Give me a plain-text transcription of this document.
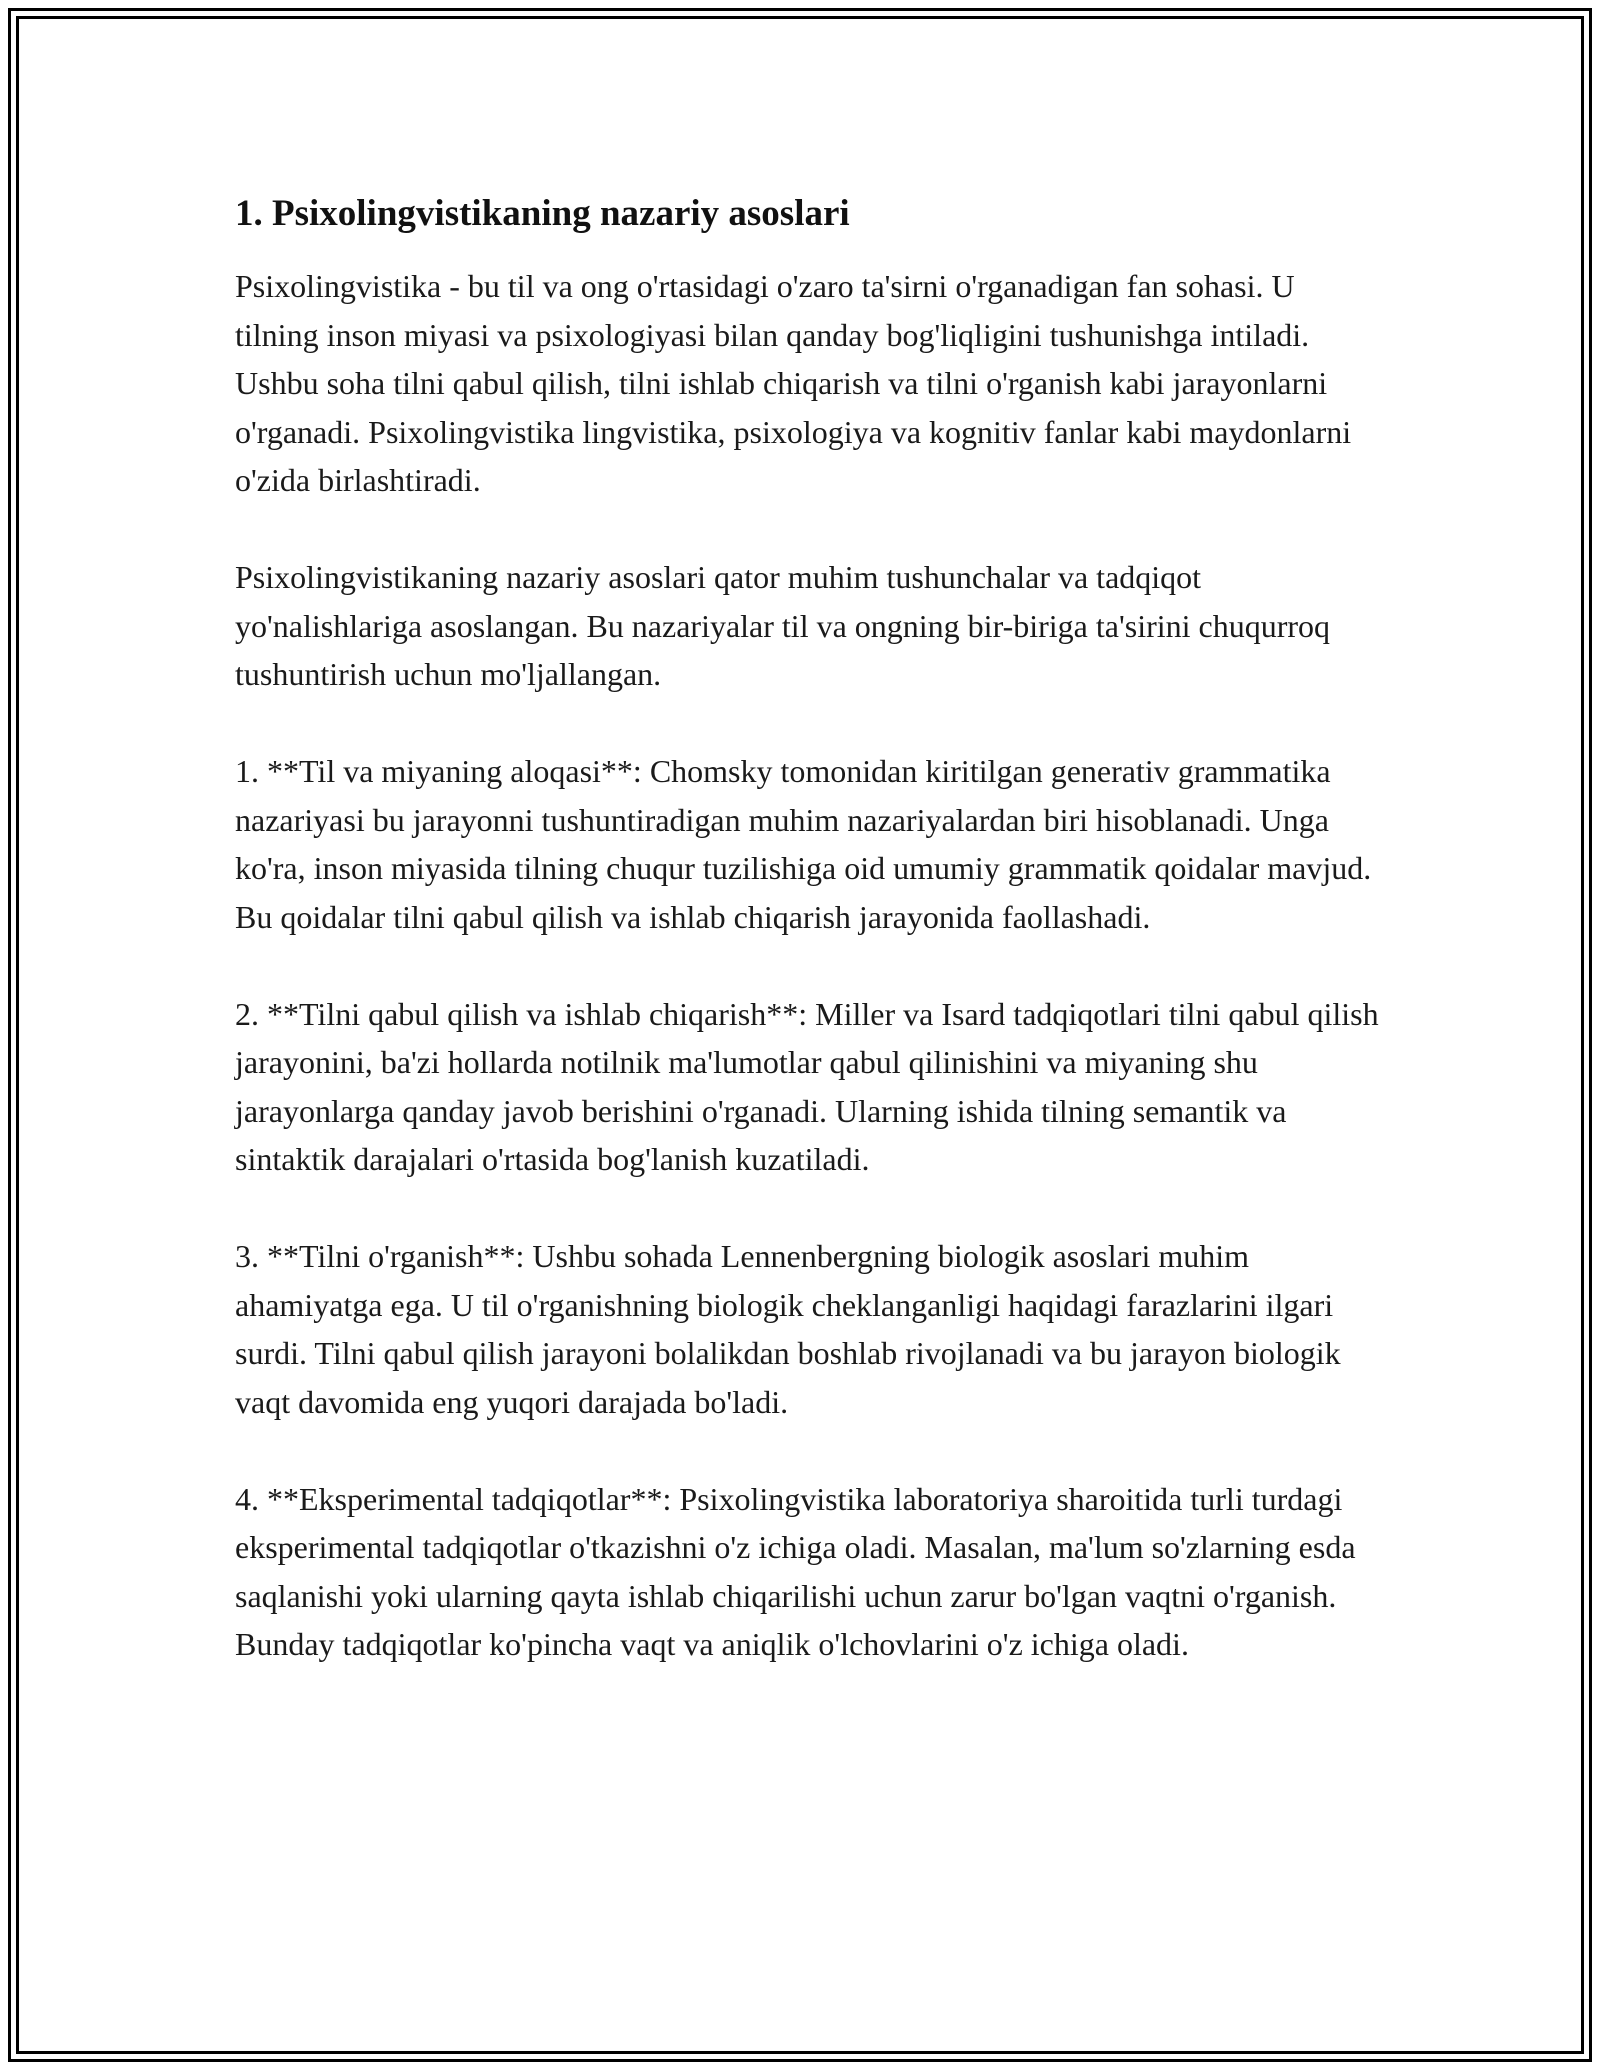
1. Psixolingvistikaning nazariy asoslari

Psixolingvistika - bu til va ong o'rtasidagi o'zaro ta'sirni o'rganadigan fan sohasi. U tilning inson miyasi va psixologiyasi bilan qanday bog'liqligini tushunishga intiladi. Ushbu soha tilni qabul qilish, tilni ishlab chiqarish va tilni o'rganish kabi jarayonlarni o'rganadi. Psixolingvistika lingvistika, psixologiya va kognitiv fanlar kabi maydonlarni o'zida birlashtiradi.

Psixolingvistikaning nazariy asoslari qator muhim tushunchalar va tadqiqot yo'nalishlariga asoslangan. Bu nazariyalar til va ongning bir-biriga ta'sirini chuqurroq tushuntirish uchun mo'ljallangan.

1. **Til va miyaning aloqasi**: Chomsky tomonidan kiritilgan generativ grammatika nazariyasi bu jarayonni tushuntiradigan muhim nazariyalardan biri hisoblanadi. Unga ko'ra, inson miyasida tilning chuqur tuzilishiga oid umumiy grammatik qoidalar mavjud. Bu qoidalar tilni qabul qilish va ishlab chiqarish jarayonida faollashadi.

2. **Tilni qabul qilish va ishlab chiqarish**: Miller va Isard tadqiqotlari tilni qabul qilish jarayonini, ba'zi hollarda notilnik ma'lumotlar qabul qilinishini va miyaning shu jarayonlarga qanday javob berishini o'rganadi. Ularning ishida tilning semantik va sintaktik darajalari o'rtasida bog'lanish kuzatiladi.

3. **Tilni o'rganish**: Ushbu sohada Lennenbergning biologik asoslari muhim ahamiyatga ega. U til o'rganishning biologik cheklanganligi haqidagi farazlarini ilgari surdi. Tilni qabul qilish jarayoni bolalikdan boshlab rivojlanadi va bu jarayon biologik vaqt davomida eng yuqori darajada bo'ladi.

4. **Eksperimental tadqiqotlar**: Psixolingvistika laboratoriya sharoitida turli turdagi eksperimental tadqiqotlar o'tkazishni o'z ichiga oladi. Masalan, ma'lum so'zlarning esda saqlanishi yoki ularning qayta ishlab chiqarilishi uchun zarur bo'lgan vaqtni o'rganish. Bunday tadqiqotlar ko'pincha vaqt va aniqlik o'lchovlarini o'z ichiga oladi.
